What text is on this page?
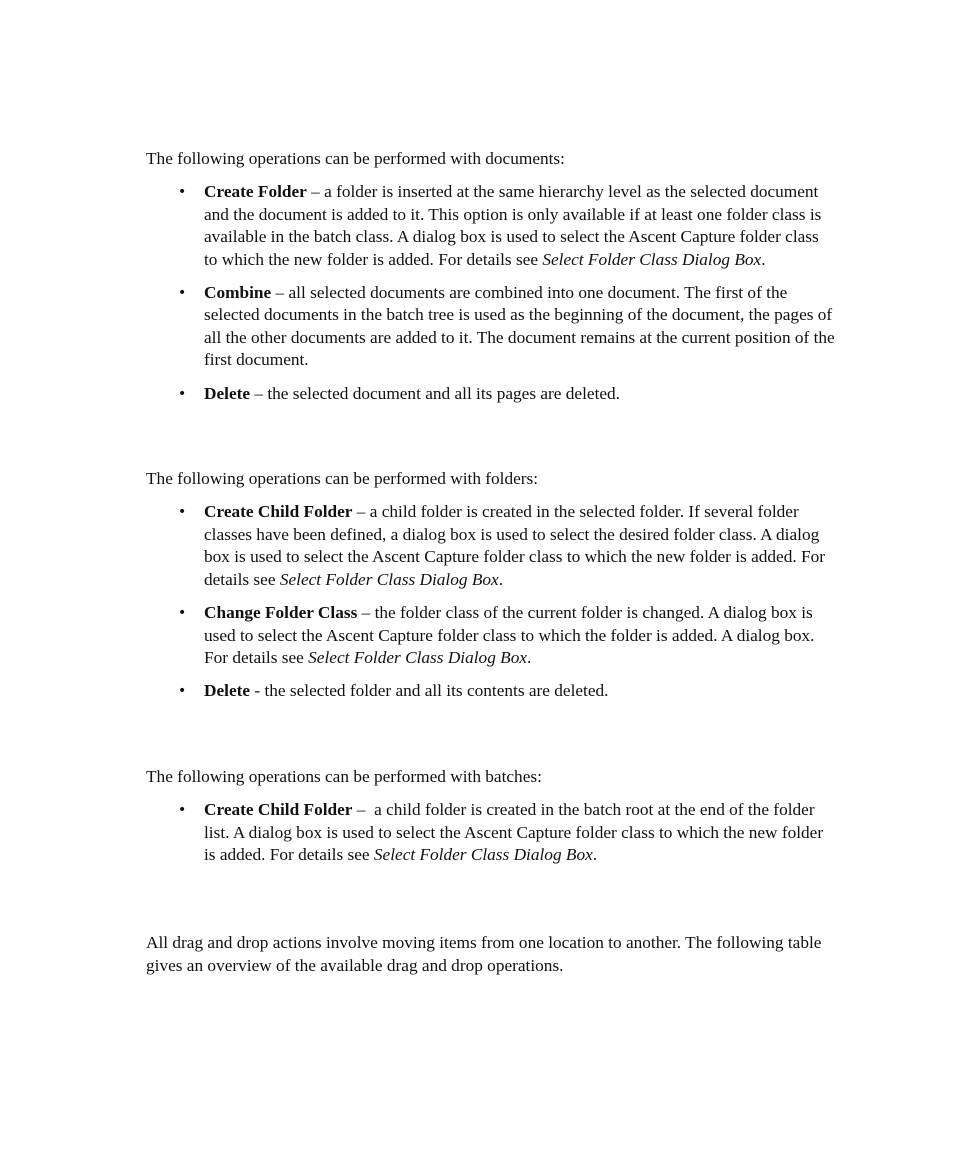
The following operations can be performed with documents:

• Create Folder – a folder is inserted at the same hierarchy level as the selected document and the document is added to it. This option is only available if at least one folder class is available in the batch class. A dialog box is used to select the Ascent Capture folder class to which the new folder is added. For details see Select Folder Class Dialog Box.
• Combine – all selected documents are combined into one document. The first of the selected documents in the batch tree is used as the beginning of the document, the pages of all the other documents are added to it. The document remains at the current position of the first document.
• Delete – the selected document and all its pages are deleted.

The following operations can be performed with folders:

• Create Child Folder – a child folder is created in the selected folder. If several folder classes have been defined, a dialog box is used to select the desired folder class. A dialog box is used to select the Ascent Capture folder class to which the new folder is added. For details see Select Folder Class Dialog Box.
• Change Folder Class – the folder class of the current folder is changed. A dialog box is used to select the Ascent Capture folder class to which the folder is added. A dialog box. For details see Select Folder Class Dialog Box.
• Delete - the selected folder and all its contents are deleted.

The following operations can be performed with batches:

• Create Child Folder –  a child folder is created in the batch root at the end of the folder list. A dialog box is used to select the Ascent Capture folder class to which the new folder is added. For details see Select Folder Class Dialog Box.

All drag and drop actions involve moving items from one location to another. The following table gives an overview of the available drag and drop operations.
